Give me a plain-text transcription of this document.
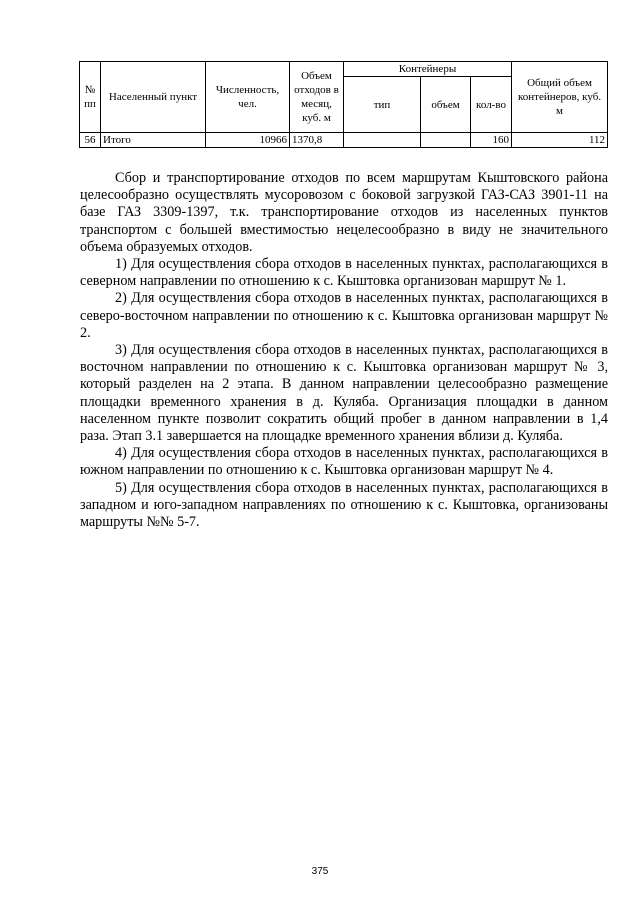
№ пп	Населенный пункт	Численность, чел.	Объем отходов в месяц, куб. м	Контейнеры			Общий объем контейнеров, куб. м
				тип	объем	кол-во	
56	Итого	10966	1370,8			160	112

Сбор и транспортирование отходов по всем маршрутам Кыштовского района целесообразно осуществлять мусоровозом с боковой загрузкой ГАЗ-САЗ 3901-11 на базе ГАЗ 3309-1397, т.к. транспортирование отходов из населенных пунктов транспортом с большей вместимостью нецелесообразно в виду не значительного объема образуемых отходов.

1) Для осуществления сбора отходов в населенных пунктах, располагающихся в северном направлении по отношению к с. Кыштовка организован маршрут № 1.

2) Для осуществления сбора отходов в населенных пунктах, располагающихся в северо-восточном направлении по отношению к с. Кыштовка организован маршрут № 2.

3) Для осуществления сбора отходов в населенных пунктах, располагающихся в восточном направлении по отношению к с. Кыштовка организован маршрут № 3, который разделен на 2 этапа. В данном направлении целесообразно размещение площадки временного хранения в д. Куляба. Организация площадки в данном населенном пункте позволит сократить общий пробег в данном направлении в 1,4 раза. Этап 3.1 завершается на площадке временного хранения вблизи д. Куляба.

4) Для осуществления сбора отходов в населенных пунктах, располагающихся в южном направлении по отношению к с. Кыштовка организован маршрут № 4.

5) Для осуществления сбора отходов в населенных пунктах, располагающихся в западном и юго-западном направлениях по отношению к с. Кыштовка, организованы маршруты №№ 5-7.

375
